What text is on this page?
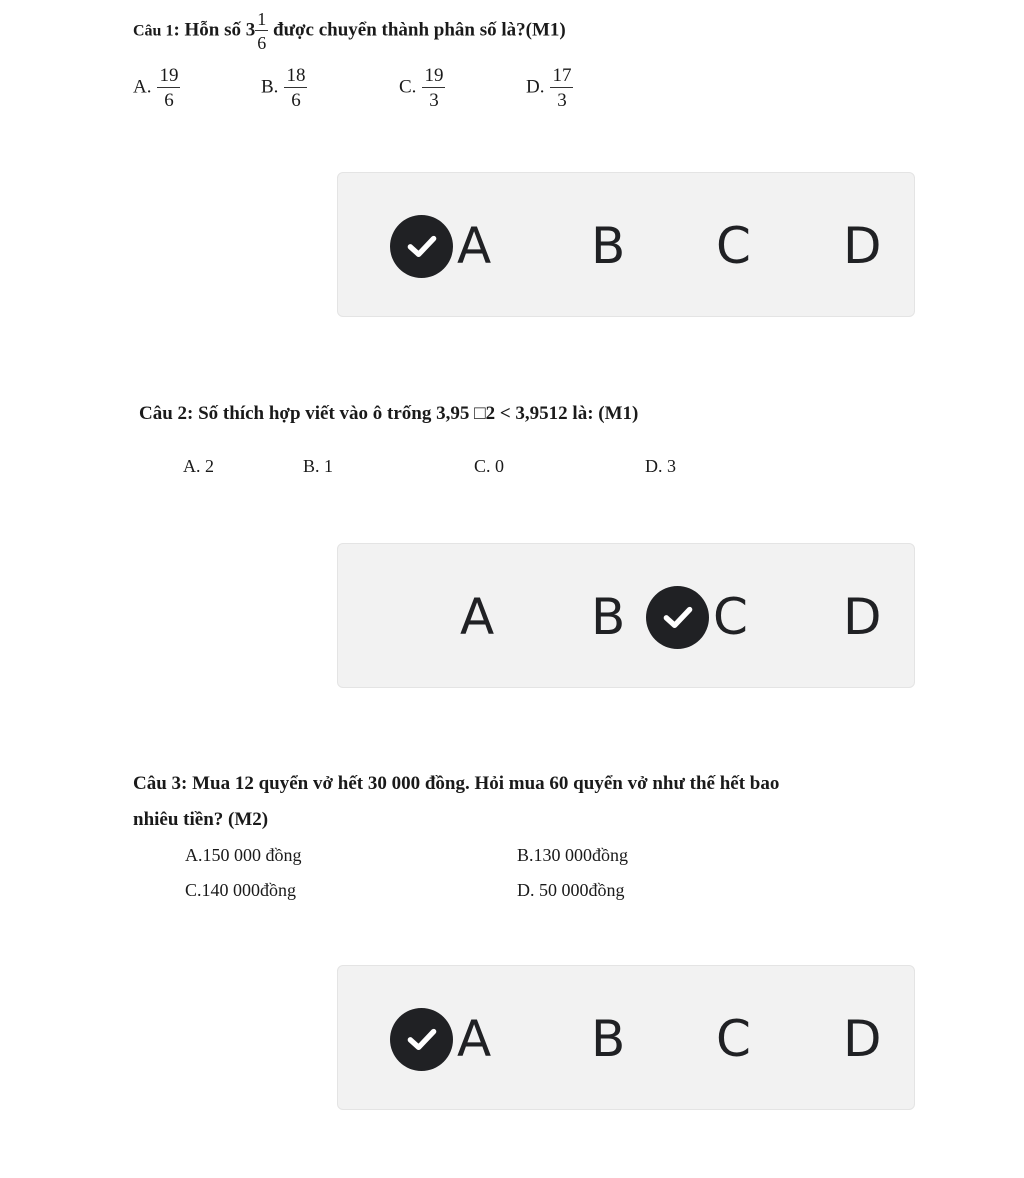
Câu 1: Hỗn số $3 \frac{1}{6}$ được chuyển thành phân số là?(M1)
A. $\frac{19}{6}$	B. $\frac{18}{6}$	C. $\frac{19}{3}$	D. $\frac{17}{3}$
A B C D
Câu 2: Số thích hợp viết vào ô trống 3,95 □2 < 3,9512 là: (M1)
A. 2	B. 1	C. 0	D. 3
A B C D
Câu 3: Mua 12 quyển vở hết 30 000 đồng. Hỏi mua 60 quyển vở như thế hết bao
nhiêu tiền? (M2)
A.150 000 đồng	B.130 000đồng
C.140 000đồng	D. 50 000đồng
A B C D
